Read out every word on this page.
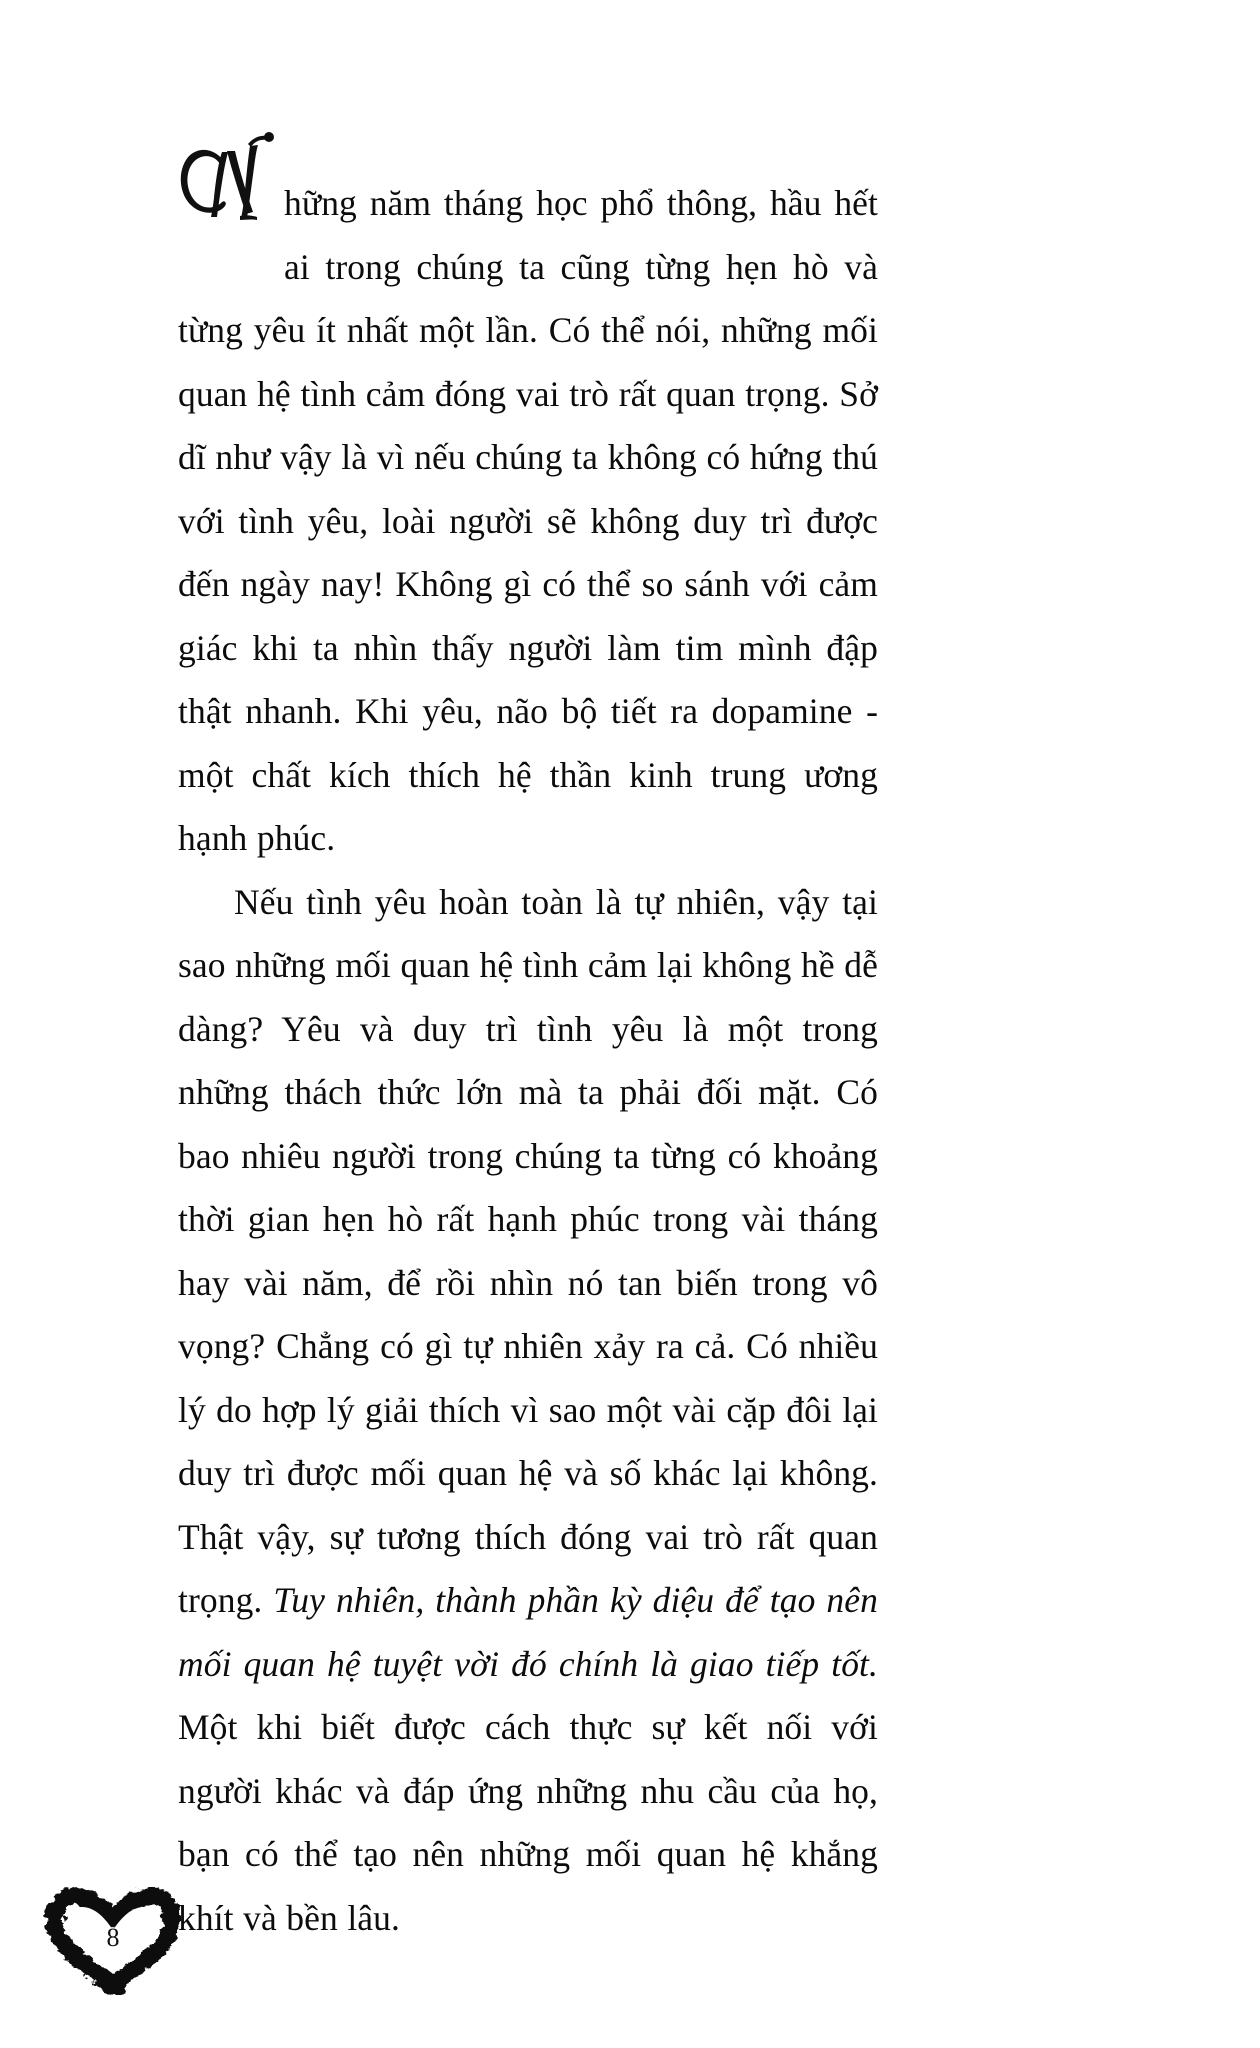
hững năm tháng học phổ thông, hầu hết ai trong chúng ta cũng từng hẹn hò và từng yêu ít nhất một lần. Có thể nói, những mối quan hệ tình cảm đóng vai trò rất quan trọng. Sở dĩ như vậy là vì nếu chúng ta không có hứng thú với tình yêu, loài người sẽ không duy trì được đến ngày nay! Không gì có thể so sánh với cảm giác khi ta nhìn thấy người làm tim mình đập thật nhanh. Khi yêu, não bộ tiết ra dopamine - một chất kích thích hệ thần kinh trung ương hạnh phúc.

Nếu tình yêu hoàn toàn là tự nhiên, vậy tại sao những mối quan hệ tình cảm lại không hề dễ dàng? Yêu và duy trì tình yêu là một trong những thách thức lớn mà ta phải đối mặt. Có bao nhiêu người trong chúng ta từng có khoảng thời gian hẹn hò rất hạnh phúc trong vài tháng hay vài năm, để rồi nhìn nó tan biến trong vô vọng? Chẳng có gì tự nhiên xảy ra cả. Có nhiều lý do hợp lý giải thích vì sao một vài cặp đôi lại duy trì được mối quan hệ và số khác lại không. Thật vậy, sự tương thích đóng vai trò rất quan trọng. Tuy nhiên, thành phần kỳ diệu để tạo nên mối quan hệ tuyệt vời đó chính là giao tiếp tốt. Một khi biết được cách thực sự kết nối với người khác và đáp ứng những nhu cầu của họ, bạn có thể tạo nên những mối quan hệ khắng khít và bền lâu.

8
